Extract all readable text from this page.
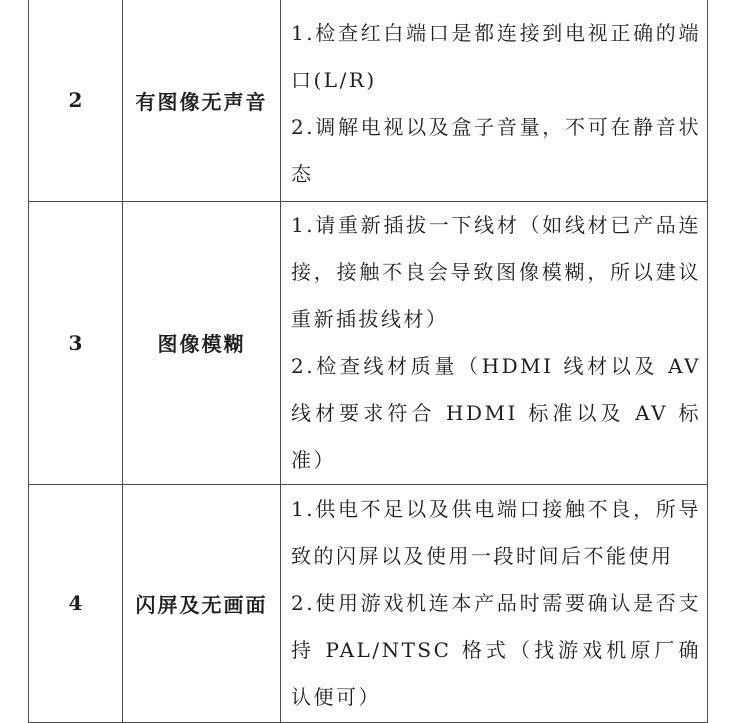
2	有图像无声音	1.检查红白端口是都连接到电视正确的端口(L/R)

2.调解电视以及盒子音量，不可在静音状态

3	图像模糊	1.请重新插拔一下线材（如线材已产品连接，接触不良会导致图像模糊，所以建议重新插拔线材）

2.检查线材质量（HDMI 线材以及 AV 线材要求符合 HDMI 标准以及 AV 标准）

4	闪屏及无画面	1.供电不足以及供电端口接触不良，所导致的闪屏以及使用一段时间后不能使用

2.使用游戏机连本产品时需要确认是否支持 PAL/NTSC 格式（找游戏机原厂确认便可）
